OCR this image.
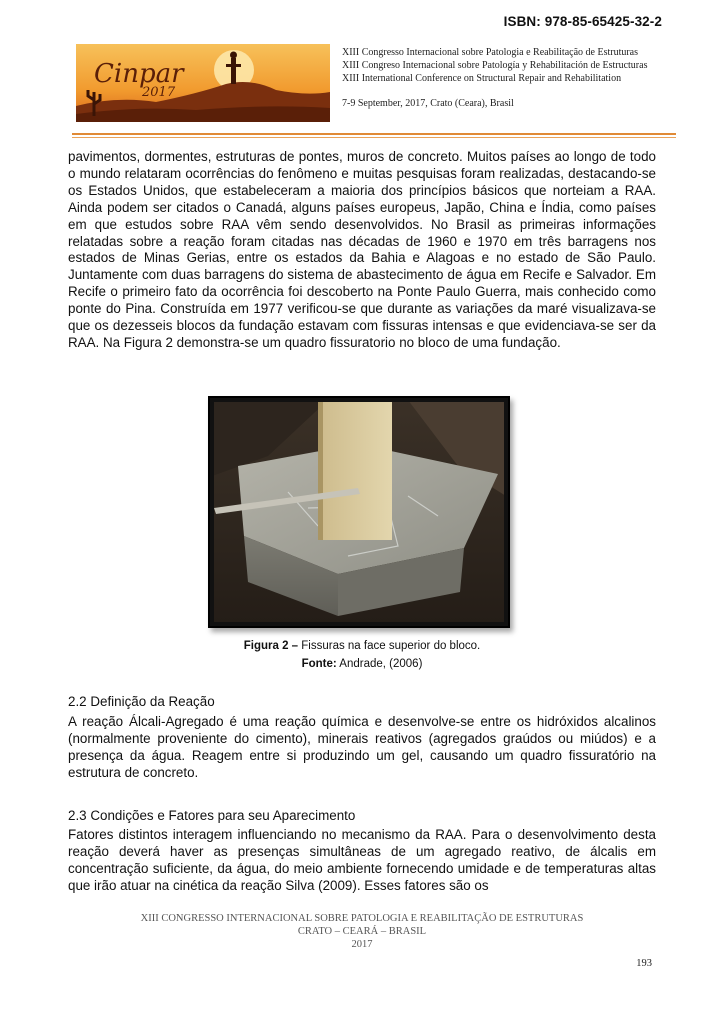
ISBN: 978-85-65425-32-2
Cinpar
2017
XIII Congresso Internacional sobre Patologia e Reabilitação de Estruturas
XIII Congreso Internacional sobre Patología y Rehabilitación de Estructuras
XIII International Conference on Structural Repair and Rehabilitation
7-9 September, 2017, Crato (Ceara), Brasil
pavimentos, dormentes, estruturas de pontes, muros de concreto. Muitos países ao longo de todo o mundo relataram ocorrências do fenômeno e muitas pesquisas foram realizadas, destacando-se os Estados Unidos, que estabeleceram a maioria dos princípios básicos que norteiam a RAA. Ainda podem ser citados o Canadá, alguns países europeus, Japão, China e Índia, como países em que estudos sobre RAA vêm sendo desenvolvidos. No Brasil as primeiras informações relatadas sobre a reação foram citadas nas décadas de 1960 e 1970 em três barragens nos estados de Minas Gerias, entre os estados da Bahia e Alagoas e no estado de São Paulo. Juntamente com duas barragens do sistema de abastecimento de água em Recife e Salvador. Em Recife o primeiro fato da ocorrência foi descoberto na Ponte Paulo Guerra, mais conhecido como ponte do Pina. Construída em 1977 verificou-se que durante as variações da maré visualizava-se que os dezesseis blocos da fundação estavam com fissuras intensas e que evidenciava-se ser da RAA. Na Figura 2 demonstra-se um quadro fissuratorio no bloco de uma fundação.
Figura 2 – Fissuras na face superior do bloco.
Fonte: Andrade, (2006)
2.2 Definição da Reação
A reação Álcali-Agregado é uma reação química e desenvolve-se entre os hidróxidos alcalinos (normalmente proveniente do cimento), minerais reativos (agregados graúdos ou miúdos) e a presença da água. Reagem entre si produzindo um gel, causando um quadro fissuratório na estrutura de concreto.
2.3 Condições e Fatores para seu Aparecimento
Fatores distintos interagem influenciando no mecanismo da RAA. Para o desenvolvimento desta reação deverá haver as presenças simultâneas de um agregado reativo, de álcalis em concentração suficiente, da água, do meio ambiente fornecendo umidade e de temperaturas altas que irão atuar na cinética da reação Silva (2009). Esses fatores são os
XIII CONGRESSO INTERNACIONAL SOBRE PATOLOGIA E REABILITAÇÃO DE ESTRUTURAS
CRATO – CEARÁ – BRASIL
2017
193
